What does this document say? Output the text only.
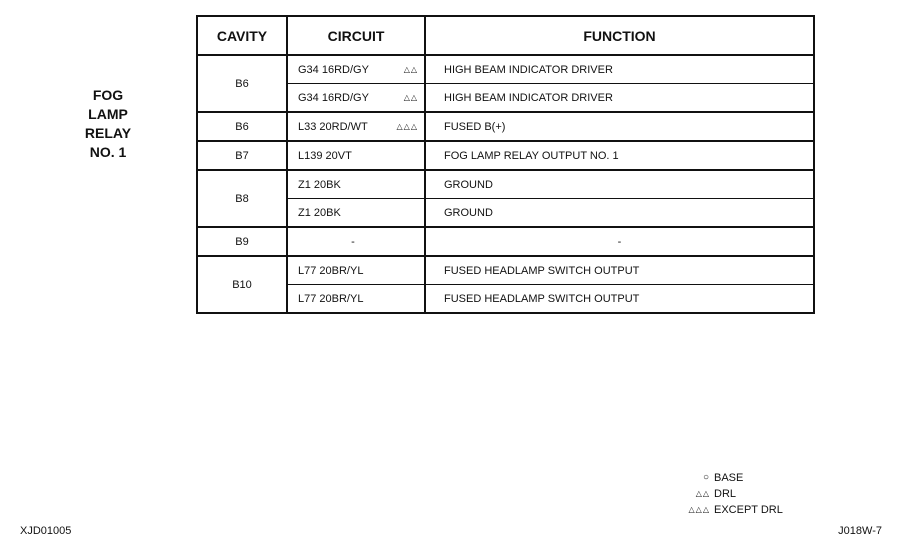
FOG
LAMP
RELAY
NO. 1
CAVITY	CIRCUIT	FUNCTION
B6	G34 16RD/GY △△	HIGH BEAM INDICATOR DRIVER

	G34 16RD/GY △△	HIGH BEAM INDICATOR DRIVER
B6	L33 20RD/WT △△△	FUSED B(+)
B7	L139 20VT	FOG LAMP RELAY OUTPUT NO. 1
B8	Z1 20BK	GROUND

	Z1 20BK	GROUND
B9	-	-
B10	L77 20BR/YL	FUSED HEADLAMP SWITCH OUTPUT

	L77 20BR/YL	FUSED HEADLAMP SWITCH OUTPUT
○ BASE
△△ DRL
△△△ EXCEPT DRL
XJD01005	J018W-7
